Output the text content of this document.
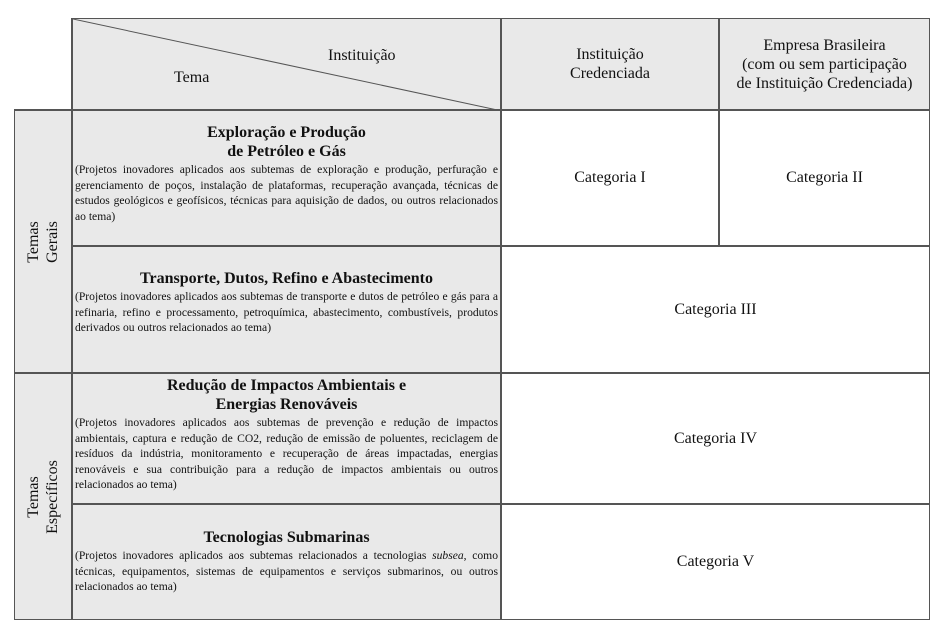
Instituição
Tema
Instituição
Credenciada
Empresa Brasileira
(com ou sem participação
de Instituição Credenciada)
Temas
Gerais
Temas
Específicos
Exploração e Produção
de Petróleo e Gás
(Projetos inovadores aplicados aos subtemas de exploração e produção, perfuração e gerenciamento de poços, instalação de plataformas, recuperação avançada, técnicas de estudos geológicos e geofísicos, técnicas para aquisição de dados, ou outros relacionados ao tema)
Categoria I	Categoria II
Transporte, Dutos, Refino e Abastecimento
(Projetos inovadores aplicados aos subtemas de transporte e dutos de petróleo e gás para a refinaria, refino e processamento, petroquímica, abastecimento, combustíveis, produtos derivados ou outros relacionados ao tema)
Categoria III
Redução de Impactos Ambientais e
Energias Renováveis
(Projetos inovadores aplicados aos subtemas de prevenção e redução de impactos ambientais, captura e redução de CO2, redução de emissão de poluentes, reciclagem de resíduos da indústria, monitoramento e recuperação de áreas impactadas, energias renováveis e sua contribuição para a redução de impactos ambientais ou outros relacionados ao tema)
Categoria IV
Tecnologias Submarinas
(Projetos inovadores aplicados aos subtemas relacionados a tecnologias subsea, como técnicas, equipamentos, sistemas de equipamentos e serviços submarinos, ou outros relacionados ao tema)
Categoria V
